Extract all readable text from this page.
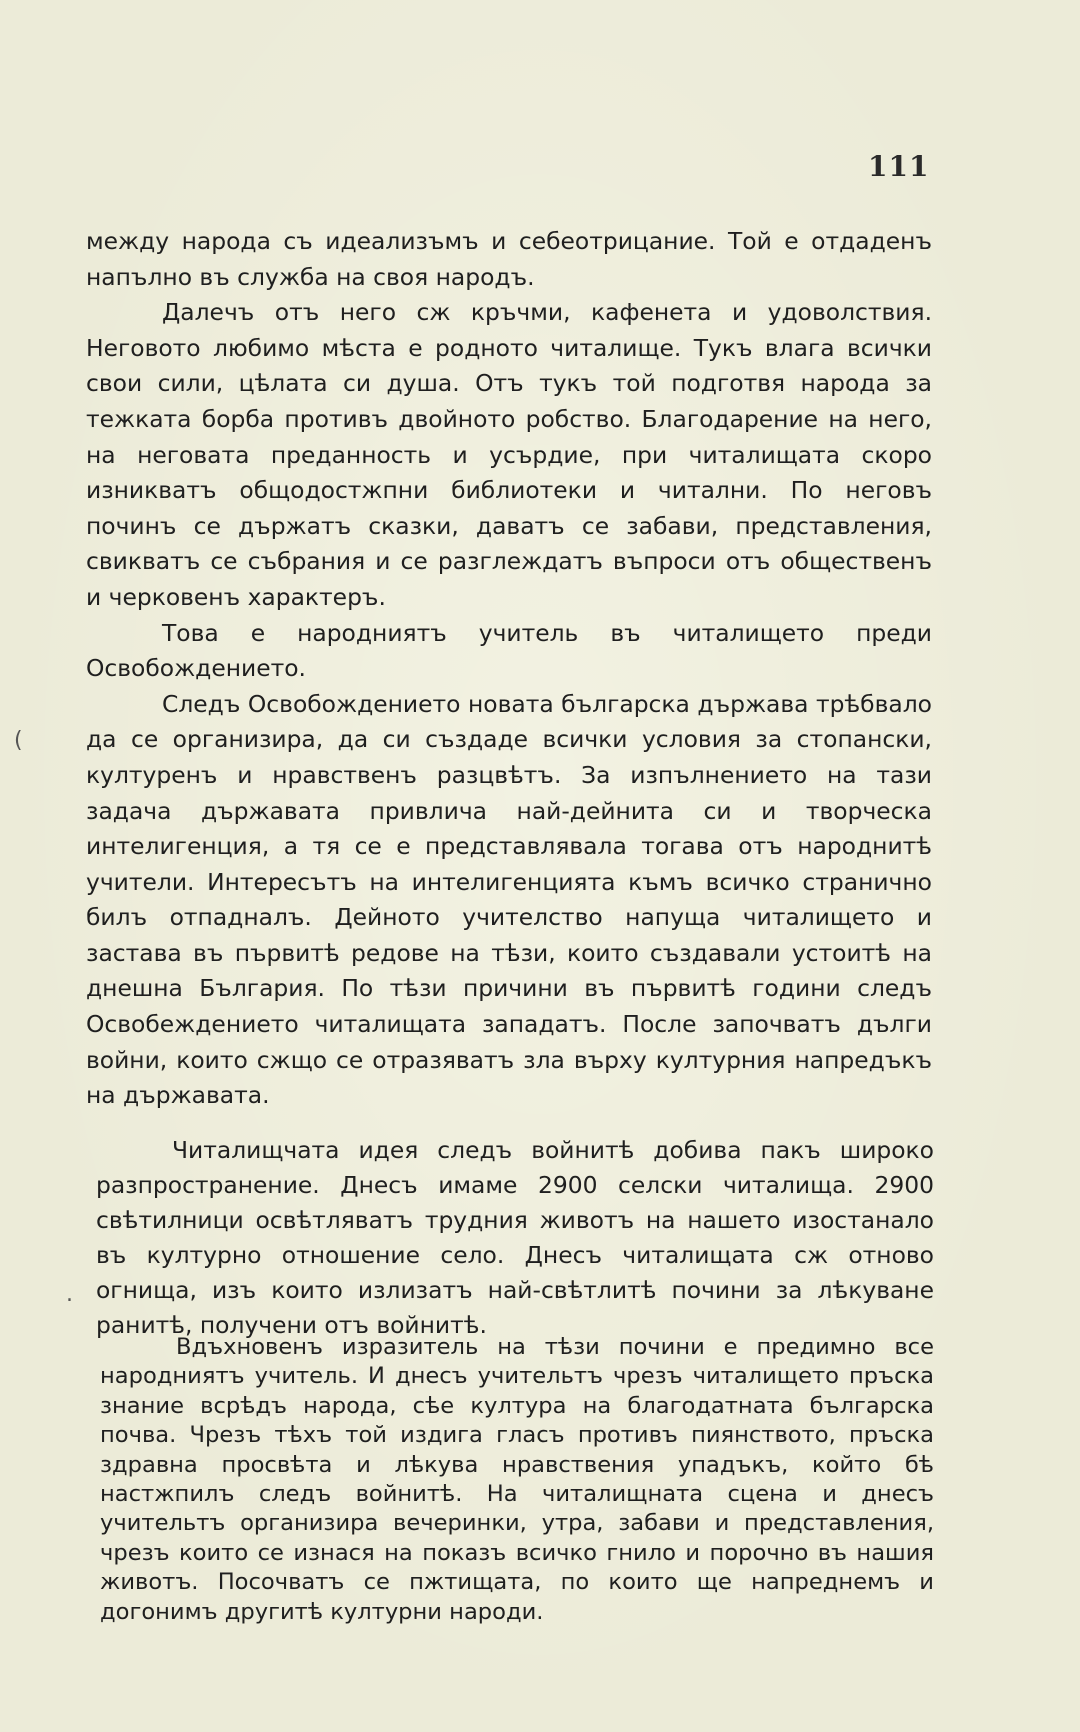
111

между народа съ идеализъмъ и себеотрицание. Той е отдаденъ напълно въ служба на своя народъ.

Далечъ отъ него сж кръчми, кафенета и удоволствия. Неговото любимо мѣста е родното читалище. Тукъ влага всички свои сили, цѣлата си душа. Отъ тукъ той подготвя народа за тежката борба противъ двойното робство. Благодарение на него, на неговата преданность и усърдие, при читалищата скоро изникватъ общодостжпни библиотеки и читални. По неговъ починъ се държатъ сказки, даватъ се забави, представления, свикватъ се събрания и се разглеждатъ въпроси отъ общественъ и черковенъ характеръ.

Това е народниятъ учитель въ читалището преди Освобождението.

Следъ Освобождението новата българска държава трѣбвало да се организира, да си създаде всички условия за стопански, културенъ и нравственъ разцвѣтъ. За изпълнението на тази задача държавата привлича най-дейнита си и творческа интелигенция, а тя се е представлявала тогава отъ народнитѣ учители. Интересътъ на интелигенцията къмъ всичко странично билъ отпадналъ. Дейното учителство напуща читалището и застава въ първитѣ редове на тѣзи, които създавали устоитѣ на днешна България. По тѣзи причини въ първитѣ години следъ Освобеждението читалищата западатъ. После започватъ дълги войни, които сжщо се отразяватъ зла върху културния напредъкъ на държавата.

Читалищчата идея следъ войнитѣ добива пакъ широко разпространение. Днесъ имаме 2900 селски читалища. 2900 свѣтилници освѣтляватъ трудния животъ на нашето изостанало въ културно отношение село. Днесъ читалищата сж отново огнища, изъ които излизатъ най-свѣтлитѣ почини за лѣкуване ранитѣ, получени отъ войнитѣ.

Вдъхновенъ изразитель на тѣзи почини е предимно все народниятъ учитель. И днесъ учительтъ чрезъ читалището пръска знание всрѣдъ народа, сѣе култура на благодатната българска почва. Чрезъ тѣхъ той издига гласъ противъ пиянството, пръска здравна просвѣта и лѣкува нравствения упадъкъ, който бѣ настжпилъ следъ войнитѣ. На читалищната сцена и днесъ учительтъ организира вечеринки, утра, забави и представления, чрезъ които се изнася на показъ всичко гнило и порочно въ нашия животъ. Посочватъ се пжтищата, по които ще напреднемъ и догонимъ другитѣ културни народи.

(
.
